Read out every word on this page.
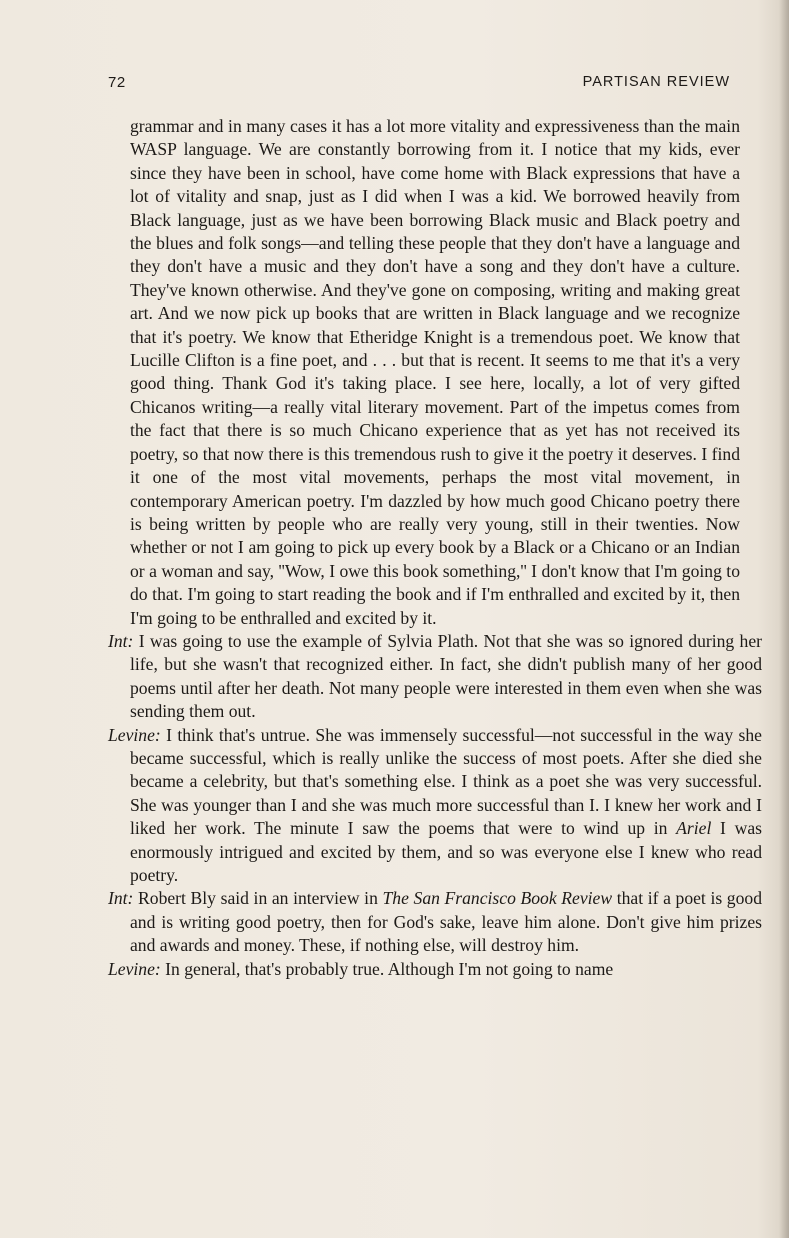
72	PARTISAN REVIEW

grammar and in many cases it has a lot more vitality and expressiveness than the main WASP language. We are constantly borrowing from it. I notice that my kids, ever since they have been in school, have come home with Black expressions that have a lot of vitality and snap, just as I did when I was a kid. We borrowed heavily from Black language, just as we have been borrowing Black music and Black poetry and the blues and folk songs—and telling these people that they don't have a language and they don't have a music and they don't have a song and they don't have a culture. They've known otherwise. And they've gone on composing, writing and making great art. And we now pick up books that are written in Black language and we recognize that it's poetry. We know that Etheridge Knight is a tremendous poet. We know that Lucille Clifton is a fine poet, and . . . but that is recent. It seems to me that it's a very good thing. Thank God it's taking place. I see here, locally, a lot of very gifted Chicanos writing—a really vital literary movement. Part of the impetus comes from the fact that there is so much Chicano experience that as yet has not received its poetry, so that now there is this tremendous rush to give it the poetry it deserves. I find it one of the most vital movements, perhaps the most vital movement, in contemporary American poetry. I'm dazzled by how much good Chicano poetry there is being written by people who are really very young, still in their twenties. Now whether or not I am going to pick up every book by a Black or a Chicano or an Indian or a woman and say, ''Wow, I owe this book something,'' I don't know that I'm going to do that. I'm going to start reading the book and if I'm enthralled and excited by it, then I'm going to be enthralled and excited by it.

Int: I was going to use the example of Sylvia Plath. Not that she was so ignored during her life, but she wasn't that recognized either. In fact, she didn't publish many of her good poems until after her death. Not many people were interested in them even when she was sending them out.

Levine: I think that's untrue. She was immensely successful—not successful in the way she became successful, which is really unlike the success of most poets. After she died she became a celebrity, but that's something else. I think as a poet she was very successful. She was younger than I and she was much more successful than I. I knew her work and I liked her work. The minute I saw the poems that were to wind up in Ariel I was enormously intrigued and excited by them, and so was everyone else I knew who read poetry.

Int: Robert Bly said in an interview in The San Francisco Book Review that if a poet is good and is writing good poetry, then for God's sake, leave him alone. Don't give him prizes and awards and money. These, if nothing else, will destroy him.

Levine: In general, that's probably true. Although I'm not going to name
